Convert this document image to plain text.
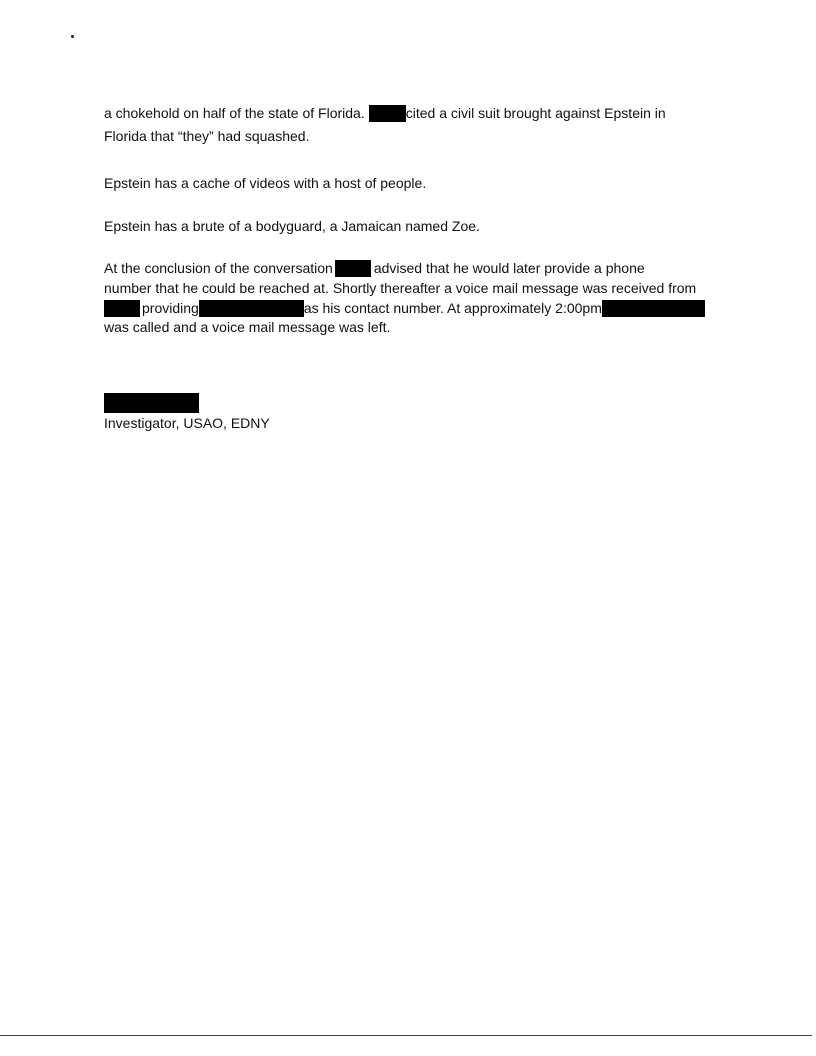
a chokehold on half of the state of Florida.	cited a civil suit brought against Epstein in
Florida that “they” had squashed.
Epstein has a cache of videos with a host of people.
Epstein has a brute of a bodyguard, a Jamaican named Zoe.
At the conclusion of the conversation	advised that he would later provide a phone
number that he could be reached at. Shortly thereafter a voice mail message was received from
providing	as his contact number. At approximately 2:00pm
was called and a voice mail message was left.
Investigator, USAO, EDNY
